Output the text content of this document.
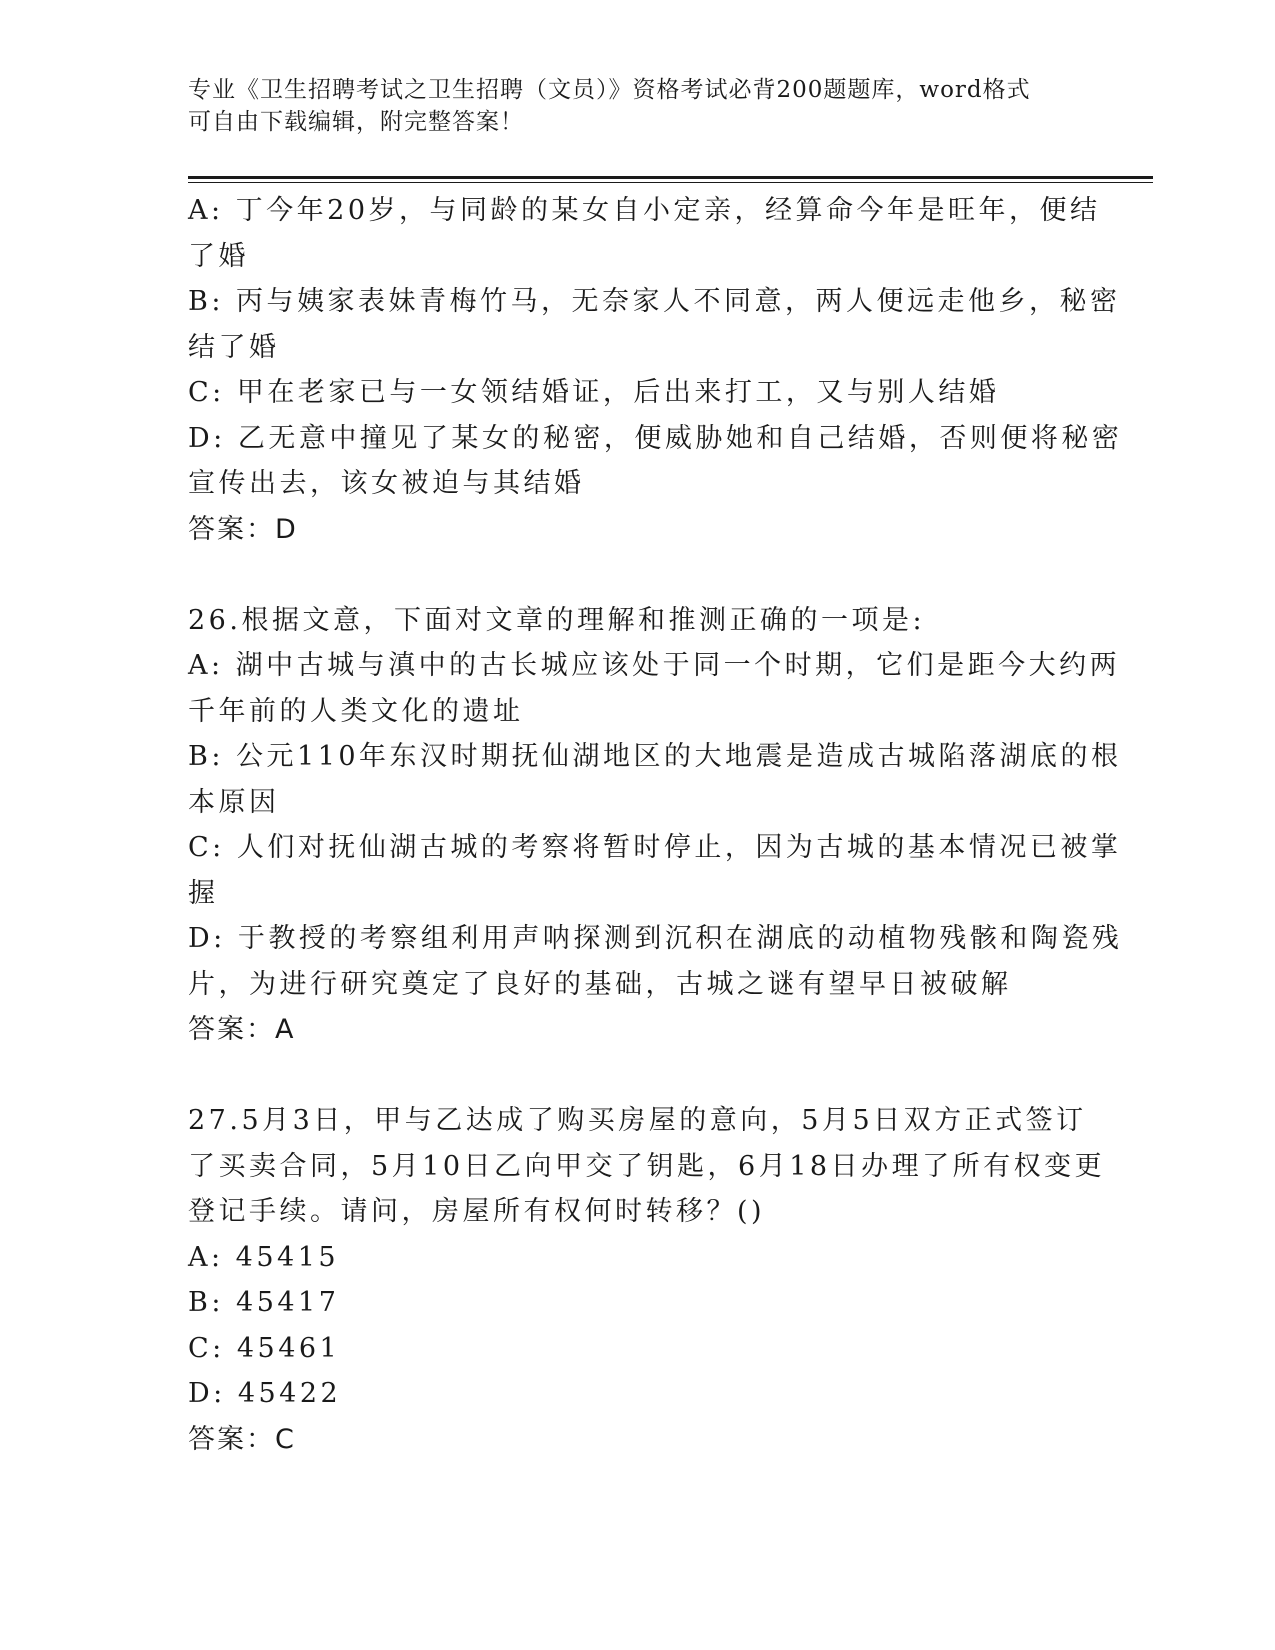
专业《卫生招聘考试之卫生招聘（文员）》资格考试必背200题题库，word格式
可自由下载编辑，附完整答案！
A: 丁今年20岁，与同龄的某女自小定亲，经算命今年是旺年，便结
了婚
B: 丙与姨家表妹青梅竹马，无奈家人不同意，两人便远走他乡，秘密
结了婚
C: 甲在老家已与一女领结婚证，后出来打工，又与别人结婚
D: 乙无意中撞见了某女的秘密，便威胁她和自己结婚，否则便将秘密
宣传出去，该女被迫与其结婚
答案：D
26.根据文意，下面对文章的理解和推测正确的一项是:
A: 湖中古城与滇中的古长城应该处于同一个时期，它们是距今大约两
千年前的人类文化的遗址
B: 公元110年东汉时期抚仙湖地区的大地震是造成古城陷落湖底的根
本原因
C: 人们对抚仙湖古城的考察将暂时停止，因为古城的基本情况已被掌
握
D: 于教授的考察组利用声呐探测到沉积在湖底的动植物残骸和陶瓷残
片，为进行研究奠定了良好的基础，古城之谜有望早日被破解
答案：A
27.5月3日，甲与乙达成了购买房屋的意向，5月5日双方正式签订
了买卖合同，5月10日乙向甲交了钥匙，6月18日办理了所有权变更
登记手续。请问，房屋所有权何时转移？()
A: 45415
B: 45417
C: 45461
D: 45422
答案：C
